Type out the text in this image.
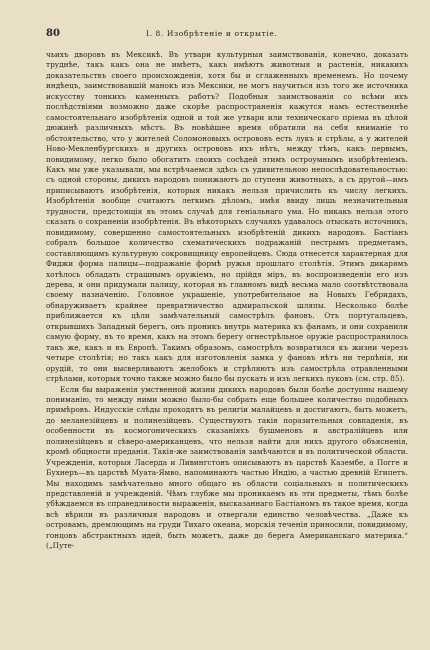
80	I. 8. Изобрѣтеніе и открытіе.

чьихъ дворовъ въ Мексикѣ. Въ утвари культурныя заимствованія, конечно, доказать труднѣе, такъ какъ она не имѣетъ, какъ имѣютъ животныя и растенія, никакихъ доказательствъ своего происхожденія, хотя бы и сглаженныхъ временемъ. Но почему индѣецъ, заимствовавшій манокъ изъ Мексики, не могъ научиться изъ того же источника искусству тонкихъ каменныхъ работъ? Подобныя заимствованія со всѣми ихъ послѣдствіями возможно даже скорѣе распространенія кажутся намъ естественнѣе самостоятельнаго изобрѣтенія одной и той же утвари или техническаго пріема въ цѣлой дюжинѣ различныхъ мѣстъ. Въ новѣйшее время обратили на себя вниманіе то обстоятельство, что у жителей Соломоновыхъ острововъ есть лукъ и стрѣлы, а у жителей Ново-Мекленбургскихъ и другихъ острововъ ихъ нѣтъ, между тѣмъ, какъ первымъ, повидимому, легко было обогатить своихъ сосѣдей этимъ остроумнымъ изобрѣтеніемъ. Какъ мы уже указывали, мы встрѣчаемся здѣсь съ удивительною непослѣдовательностью: съ одной стороны, дикихъ народовъ понижаютъ до ступени животныхъ, а съ другой—имъ приписываютъ изобрѣтенія, которыя никакъ нельзя причислить къ числу легкихъ. Изобрѣтенія вообще считаютъ легкимъ дѣломъ, имѣя ввиду лишь незначительныя трудности, предстоящія въ этомъ случаѣ для геніальнаго ума. Но никакъ нельзя этого сказать о сохраненіи изобрѣтенія. Въ нѣкоторыхъ случаяхъ удавалось отыскать источникъ, повидимому, совершенно самостоятельныхъ изобрѣтеній дикихъ народовъ. Бастіанъ собралъ большое количество схематическихъ подражаній пестрымъ предметамъ, составляющимъ культурную сокровищницу европейцевъ. Сюда отнесется характерная для Фиджи форма палицы—подражаніе формѣ ружья прошлаго столѣтія. Этимъ дикарямъ хотѣлось обладать страшнымъ оружіемъ, но прійдя міръ, въ воспроизведеніи его изъ дерева, и они придумали палицу, которая въ главномъ видѣ весьма мало соотвѣтствовала своему назначенію. Головное украшеніе, употребительное на Новыхъ Гебридахъ, обнаруживаетъ крайнее превратничество адмиральской шляпы. Несколько болѣе приближается къ цѣли замѣчательный самострѣлъ фановъ. Отъ португальцевъ, открывшихъ Западный берегъ, онъ проникъ внутрь материка къ фанамъ, и они сохранили самую форму, въ то время, какъ на этомъ берегу огнестрѣльное оружіе распространилось такъ же, какъ и въ Европѣ. Такимъ образомъ, самострѣлъ возвратился къ жизни черезъ четыре столѣтія; но такъ какъ для изготовленія замка у фановъ нѣтъ ни терпѣнія, ни орудій, то они высверливаютъ желобокъ и стрѣляютъ изъ самострѣла отравленными стрѣлами, которыя точно также можно было бы пускать и изъ легкихъ луковъ (см. стр. 85).

Если бы выраженія умственной жизни дикихъ народовъ были болѣе доступны нашему пониманію, то между ними можно было-бы собрать еще большее количество подобныхъ примѣровъ. Индусскіе слѣды проходятъ въ религіи малайцевъ и достигаютъ, быть можетъ, до меланезійцевъ и полинезійцевъ. Существуютъ такія поразительныя совпаденія, въ особенности въ космогоническихъ сказаніяхъ бушменовъ и австралійцевъ или полинезійцевъ и сѣверо-американцевъ, что нельзя найти для нихъ другого объясненія, кромѣ общности преданія. Такія-же заимствованія замѣчаются и въ политической области. Учрежденія, которыя Ласерда и Ливингстонъ описываютъ въ царствѣ Казембе, а Погге и Бухнеръ—въ царствѣ Муата-Ямво, напоминаютъ частью Индію, а частью древній Египетъ. Мы находимъ замѣчательно много общаго въ области соціальныхъ и политическихъ представленій и учрежденій. Чѣмъ глубже мы проникаемъ въ эти предметы, тѣмъ болѣе убѣждаемся въ справедливости выраженія, высказаннаго Бастіаномъ въ такое время, когда всѣ вѣрили въ различныя народовъ и отвергали единство человѣчества. „Даже къ островамъ, дремлющимъ на груди Тихаго океана, морскія теченія приносили, повидимому, гонцовъ абстрактныхъ идей, быть можетъ, даже до берега Американскаго материка.“ („Путе-
